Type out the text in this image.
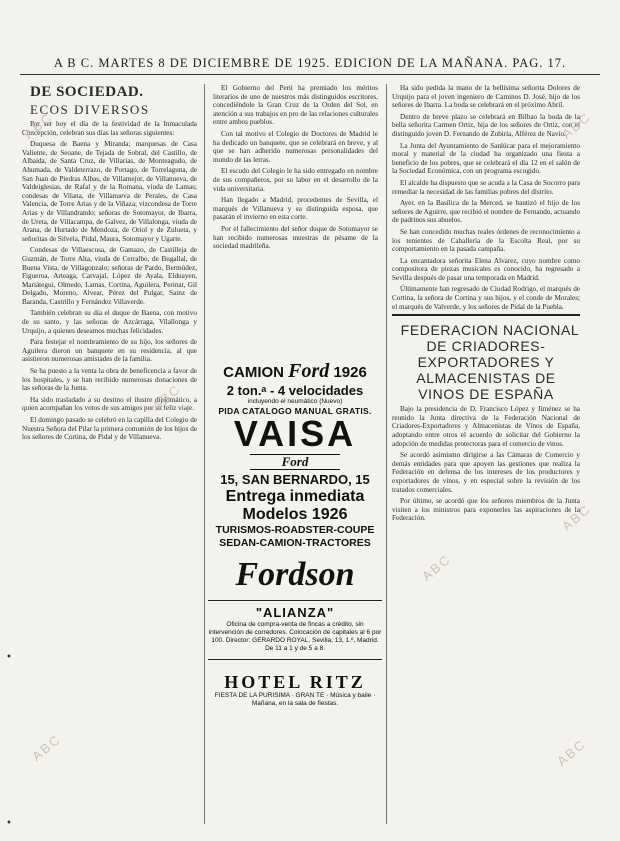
A B C. MARTES 8 DE DICIEMBRE DE 1925. EDICION DE LA MAÑANA. PAG. 17.

DE SOCIEDAD.

ECOS DIVERSOS

Por ser hoy el día de la festividad de la Inmaculada Concepción, celebran sus días las señoras siguientes:

Duquesa de Baena y Miranda; marquesas de Casa Valiente, de Seoane, de Tejada de Sobral, del Castillo, de Albaida, de Santa Cruz, de Villarias, de Monteagudo, de Ahumada, de Valdeterrazo, de Portago, de Torrelaguna, de San Juan de Piedras Albas, de Villamejor, de Villanueva, de Valdeiglesias, de Rafal y de la Romana, viuda de Lamas; condesas de Vilana, de Villanueva de Perales, de Casa Valencia, de Torre Arias y de la Viñaza; vizcondesa de Torre Arias y de Villandrando; señoras de Sotomayor, de Ibarra, de Ureta, de Villacampa, de Galvez, de Villalonga, viuda de Arana, de Hurtado de Mendoza, de Oriol y de Zulueta, y señoritas de Silvela, Pidal, Maura, Sotomayor y Ugarte.

Condesas de Villaescusa, de Gamazo, de Castilleja de Guzmán, de Torre Alta, viuda de Cerralbo, de Bugallal, de Buena Vista, de Villagonzalo; señoras de Pardo, Bermúdez, Figueroa, Arteaga, Carvajal, López de Ayala, Elduayen, Mariátegui, Olmedo, Lamas, Cortina, Aguilera, Perinat, Gil Delgado, Moreno, Alvear, Pérez del Pulgar, Sainz de Baranda, Castrillo y Fernández Villaverde.

También celebran su día el duque de Baena, con motivo de su santo, y las señoras de Azcárraga, Vilallonga y Urquijo, a quienes deseamos muchas felicidades.

Para festejar el nombramiento de su hijo, los señores de Aguilera dieron un banquete en su residencia, al que asistieron numerosas amistades de la familia.

Se ha puesto a la venta la obra de beneficencia a favor de los hospitales, y se han recibido numerosas donaciones de las señoras de la Junta.

Ha sido trasladado a su destino el ilustre diplomático, a quien acompañan los votos de sus amigos por su feliz viaje.

El domingo pasado se celebró en la capilla del Colegio de Nuestra Señora del Pilar la primera comunión de los hijos de los señores de Cortina, de Pidal y de Villanueva.

El Gobierno del Perú ha premiado los méritos literarios de uno de nuestros más distinguidos escritores, concediéndole la Gran Cruz de la Orden del Sol, en atención a sus trabajos en pro de las relaciones culturales entre ambos pueblos.

Con tal motivo el Colegio de Doctores de Madrid le ha dedicado un banquete, que se celebrará en breve, y al que se han adherido numerosas personalidades del mundo de las letras.

El escudo del Colegio le ha sido entregado en nombre de sus compañeros, por su labor en el desarrollo de la vida universitaria.

Han llegado a Madrid, procedentes de Sevilla, el marqués de Villanueva y su distinguida esposa, que pasarán el invierno en esta corte.

Por el fallecimiento del señor duque de Sotomayor se han recibido numerosas muestras de pésame de la sociedad madrileña.

CAMION Ford 1926
2 ton.ᵃ - 4 velocidades
incluyendo el neumático (Nuevo)
PIDA CATALOGO MANUAL GRATIS.
VAISA
Ford
15, SAN BERNARDO, 15
Entrega inmediata
Modelos 1926
TURISMOS-ROADSTER-COUPE
SEDAN-CAMION-TRACTORES
Fordson
"ALIANZA"
Oficina de compra-venta de fincas a crédito, sin intervención de corredores. Colocación de capitales al 6 por 100. Director: GERARDO ROYAL. Sevilla, 13, 1.º, Madrid. De 11 a 1 y de 5 a 8.
HOTEL RITZ
FIESTA DE LA PURISIMA · GRAN TE · Música y baile · Mañana, en la sala de fiestas.

Ha sido pedida la mano de la bellísima señorita Dolores de Urquijo para el joven ingeniero de Caminos D. José, hijo de los señores de Ibarra. La boda se celebrará en el próximo Abril.

Dentro de breve plazo se celebrará en Bilbao la boda de la bella señorita Carmen Ortiz, hija de los señores de Ortiz, con el distinguido joven D. Fernando de Zubiría, Alférez de Navío.

La Junta del Ayuntamiento de Sanlúcar para el mejoramiento moral y material de la ciudad ha organizado una fiesta a beneficio de los pobres, que se celebrará el día 12 en el salón de la Sociedad Económica, con un programa escogido.

El alcalde ha dispuesto que se acuda a la Casa de Socorro para remediar la necesidad de las familias pobres del distrito.

Ayer, en la Basílica de la Merced, se bautizó el hijo de los señores de Aguirre, que recibió el nombre de Fernando, actuando de padrinos sus abuelos.

Se han concedido muchas reales órdenes de reconocimiento a los tenientes de Caballería de la Escolta Real, por su comportamiento en la pasada campaña.

La encantadora señorita Elena Alvarez, cuyo nombre como compositora de piezas musicales es conocido, ha regresado a Sevilla después de pasar una temporada en Madrid.

Últimamente han regresado de Ciudad Rodrigo, el marqués de Cortina, la señora de Cortina y sus hijos, y el conde de Morales; el marqués de Valverde, y los señores de Pidal de la Puebla.

FEDERACION NACIONAL DE CRIADORES-EXPORTADORES Y ALMACENISTAS DE VINOS DE ESPAÑA

Bajo la presidencia de D. Francisco López y Jiménez se ha reunido la Junta directiva de la Federación Nacional de Criadores-Exportadores y Almacenistas de Vinos de España, adoptando entre otros el acuerdo de solicitar del Gobierno la adopción de medidas protectoras para el comercio de vinos.

Se acordó asimismo dirigirse a las Cámaras de Comercio y demás entidades para que apoyen las gestiones que realiza la Federación en defensa de los intereses de los productores y exportadores de vinos, y en especial sobre la revisión de los tratados comerciales.

Por último, se acordó que los señores miembros de la Junta visiten a los ministros para exponerles las aspiraciones de la Federación.

ABC	ABC
ABC
ABC
ABC
ABC	ABC
•
•
